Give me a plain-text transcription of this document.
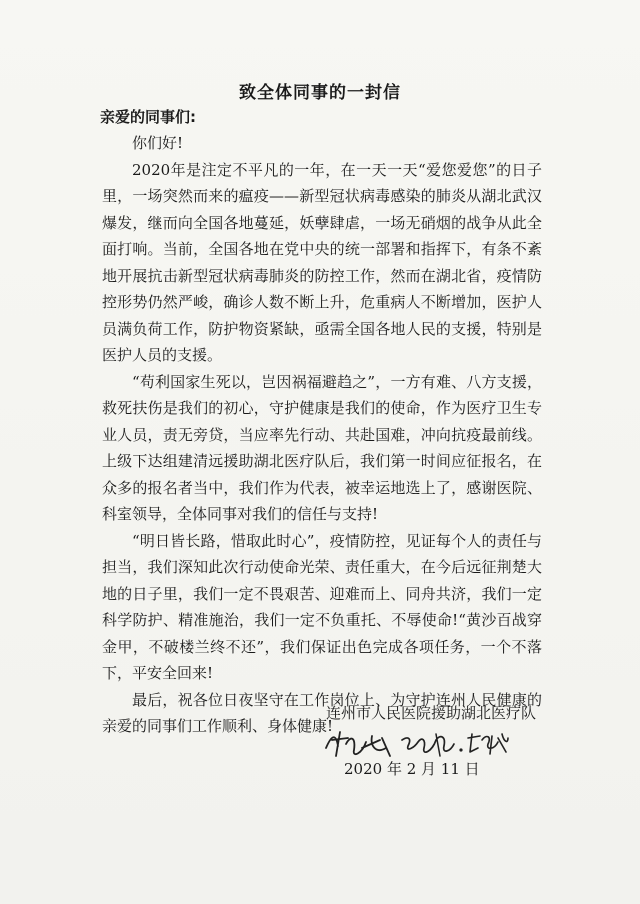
致全体同事的一封信
亲爱的同事们:

你们好!

2020年是注定不平凡的一年，在一天一天“爱您爱您”的日子里，一场突然而来的瘟疫——新型冠状病毒感染的肺炎从湖北武汉爆发，继而向全国各地蔓延，妖孽肆虐，一场无硝烟的战争从此全面打响。当前，全国各地在党中央的统一部署和指挥下，有条不紊地开展抗击新型冠状病毒肺炎的防控工作，然而在湖北省，疫情防控形势仍然严峻，确诊人数不断上升，危重病人不断增加，医护人员满负荷工作，防护物资紧缺，亟需全国各地人民的支援，特别是医护人员的支援。

“苟利国家生死以，岂因祸福避趋之”，一方有难、八方支援，救死扶伤是我们的初心，守护健康是我们的使命，作为医疗卫生专业人员，责无旁贷，当应率先行动、共赴国难，冲向抗疫最前线。上级下达组建清远援助湖北医疗队后，我们第一时间应征报名，在众多的报名者当中，我们作为代表，被幸运地选上了，感谢医院、科室领导，全体同事对我们的信任与支持!

“明日皆长路，惜取此时心”，疫情防控，见证每个人的责任与担当，我们深知此次行动使命光荣、责任重大，在今后远征荆楚大地的日子里，我们一定不畏艰苦、迎难而上、同舟共济，我们一定科学防护、精准施治，我们一定不负重托、不辱使命!“黄沙百战穿金甲，不破楼兰终不还”，我们保证出色完成各项任务，一个不落下，平安全回来!

最后，祝各位日夜坚守在工作岗位上、为守护连州人民健康的亲爱的同事们工作顺利、身体健康!

连州市人民医院援助湖北医疗队
2020 年 2 月 11 日
